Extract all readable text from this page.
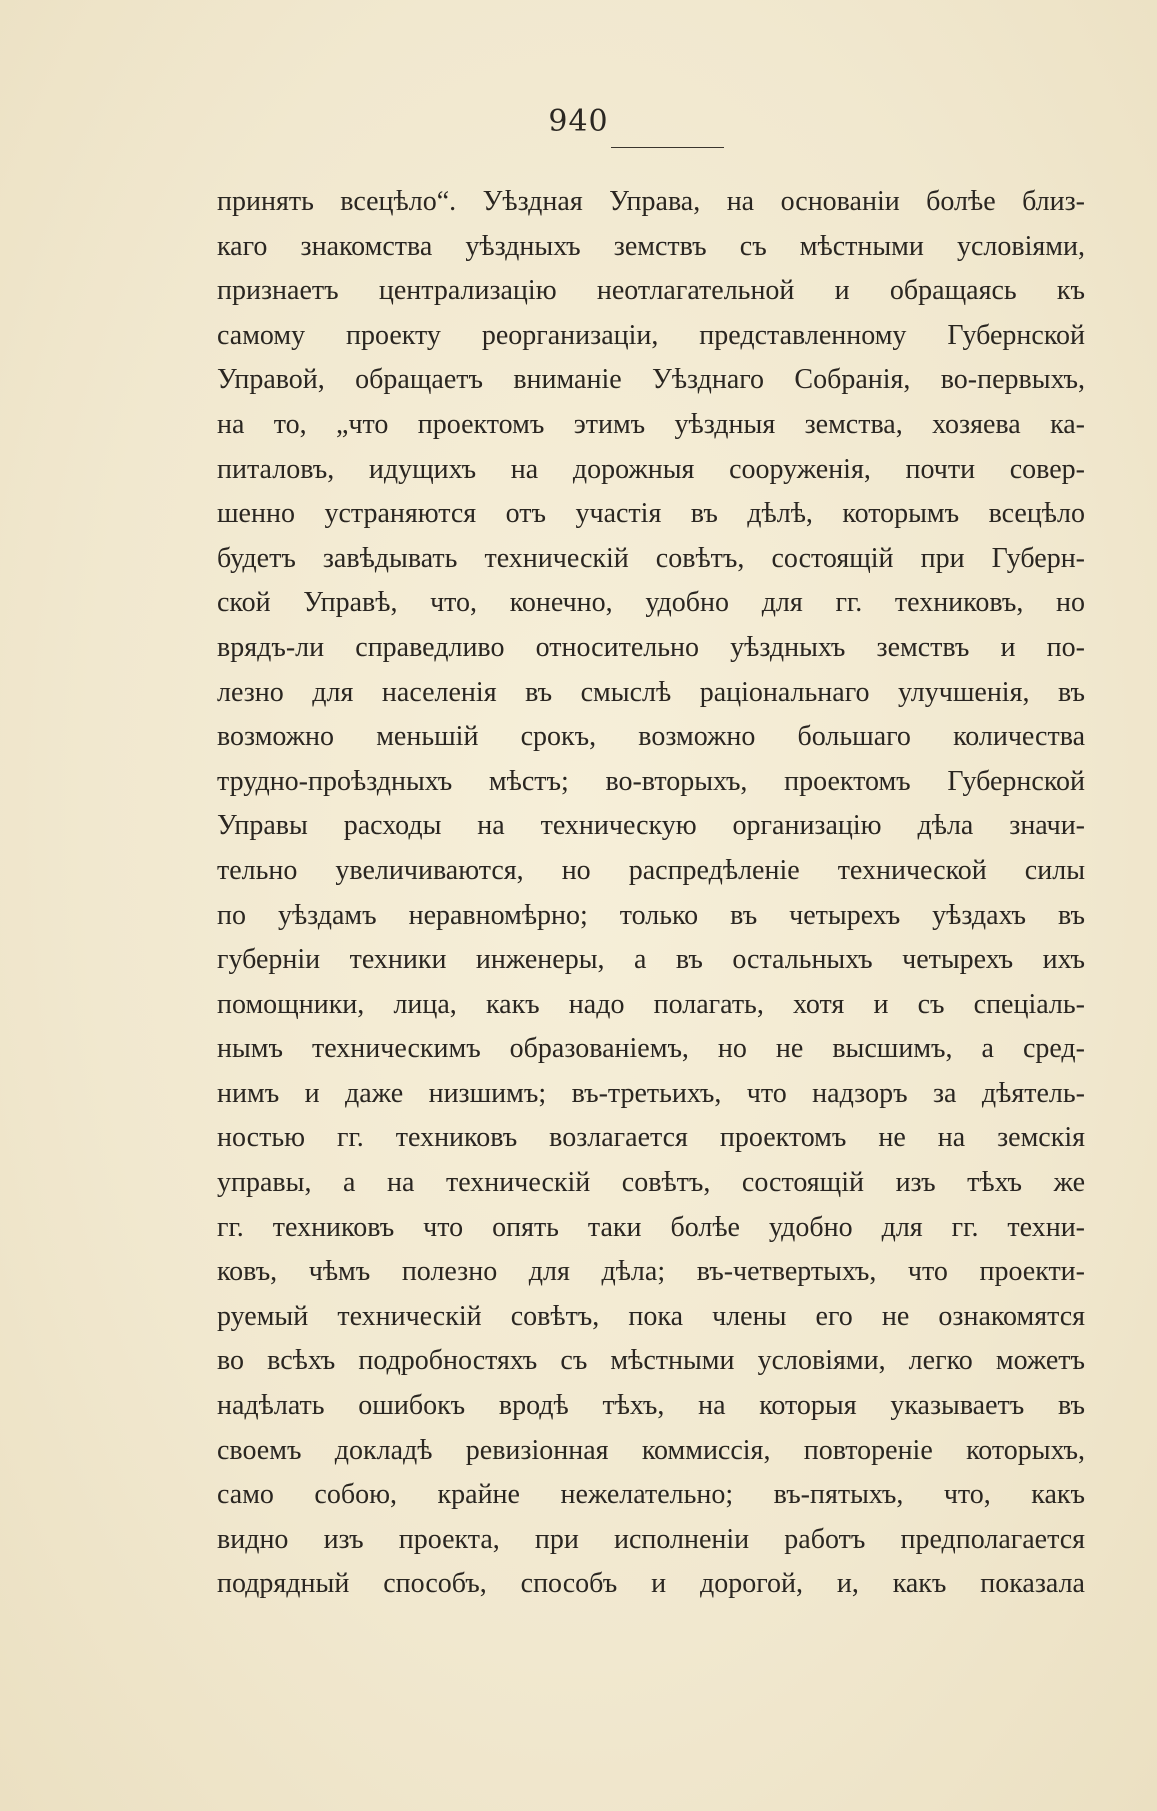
940
принять всецѣло“. Уѣздная Управа, на основаніи болѣе близ-
каго знакомства уѣздныхъ земствъ съ мѣстными условіями,
признаетъ централизацію неотлагательной и обращаясь къ
самому проекту реорганизаціи, представленному Губернской
Управой, обращаетъ вниманіе Уѣзднаго Собранія, во-первыхъ,
на то, „что проектомъ этимъ уѣздныя земства, хозяева ка-
питаловъ, идущихъ на дорожныя сооруженія, почти совер-
шенно устраняются отъ участія въ дѣлѣ, которымъ всецѣло
будетъ завѣдывать техническій совѣтъ, состоящій при Губерн-
ской Управѣ, что, конечно, удобно для гг. техниковъ, но
врядъ-ли справедливо относительно уѣздныхъ земствъ и по-
лезно для населенія въ смыслѣ раціональнаго улучшенія, въ
возможно меньшій срокъ, возможно большаго количества
трудно-проѣздныхъ мѣстъ; во-вторыхъ, проектомъ Губернской
Управы расходы на техническую организацію дѣла значи-
тельно увеличиваются, но распредѣленіе технической силы
по уѣздамъ неравномѣрно; только въ четырехъ уѣздахъ въ
губерніи техники инженеры, а въ остальныхъ четырехъ ихъ
помощники, лица, какъ надо полагать, хотя и съ спеціаль-
нымъ техническимъ образованіемъ, но не высшимъ, а сред-
нимъ и даже низшимъ; въ-третьихъ, что надзоръ за дѣятель-
ностью гг. техниковъ возлагается проектомъ не на земскія
управы, а на техническій совѣтъ, состоящій изъ тѣхъ же
гг. техниковъ что опять таки болѣе удобно для гг. техни-
ковъ, чѣмъ полезно для дѣла; въ-четвертыхъ, что проекти-
руемый техническій совѣтъ, пока члены его не ознакомятся
во всѣхъ подробностяхъ съ мѣстными условіями, легко можетъ
надѣлать ошибокъ вродѣ тѣхъ, на которыя указываетъ въ
своемъ докладѣ ревизіонная коммиссія, повтореніе которыхъ,
само собою, крайне нежелательно; въ-пятыхъ, что, какъ
видно изъ проекта, при исполненіи работъ предполагается
подрядный способъ, способъ и дорогой, и, какъ показала
